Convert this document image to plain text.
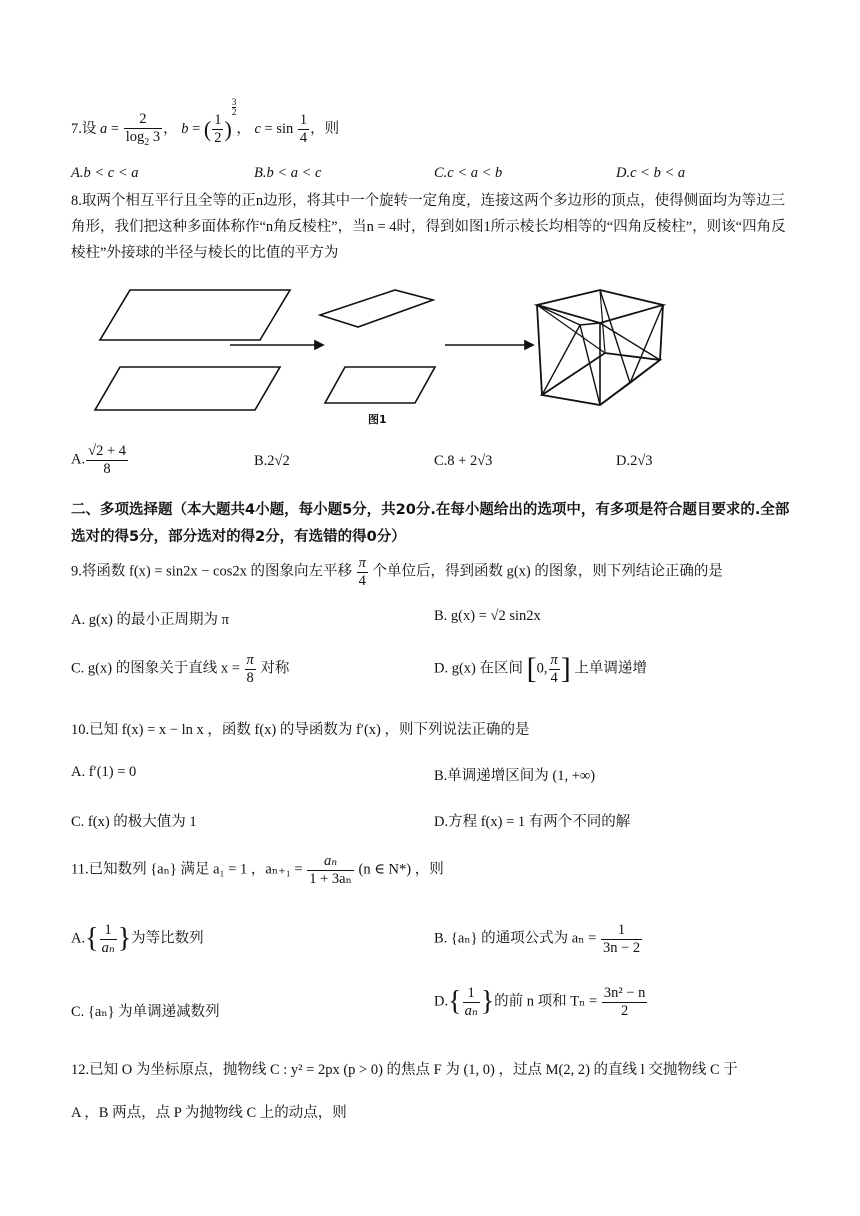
7.设 $a = \frac{2}{\log_2 3}$ ， b = ( $\frac{1}{2}$ )
$^{\frac{3}{2}}$
， $c = \sin \frac{1}{4}$ ，则
A.b < c < a	B.b < a < c	C.c < a < b	D.c < b < a
8.取两个相互平行且全等的正n边形，将其中一个旋转一定角度，连接这两个多边形的顶点，使得侧面均为等边三角形，我们把这种多面体称作“n角反棱柱”，当n = 4时，得到如图1所示棱长均相等的“四角反棱柱”，则该“四角反棱柱”外接球的半径与棱长的比值的平方为
图1
A. $\frac{√2 + 4}{8}$	B.2√2	C.8 + 2√3	D.2√3
二、多项选择题（本大题共4小题，每小题5分，共20分.在每小题给出的选项中，有多项是符合题目要求的.全部选对的得5分，部分选对的得2分，有选错的得0分）
9.将函数 f(x) = sin2x − cos2x 的图象向左平移 $\frac{\pi}{4}$ 个单位后，得到函数 g(x) 的图象，则下列结论正确的是
A. g(x) 的最小正周期为 π	B. g(x) = √2 sin2x
C. g(x) 的图象关于直线 $x = \frac{\pi}{8}$ 对称	D. g(x) 在区间 [0, $\frac{\pi}{4}$ ] 上单调递增
10.已知 f(x) = x − ln x ，函数 f(x) 的导函数为 f′(x) ，则下列说法正确的是
A. f′(1) = 0	B.单调递增区间为 (1, +∞)
C. f(x) 的极大值为 1	D.方程 f(x) = 1 有两个不同的解
11.已知数列 {aₙ} 满足 a₁ = 1 ，$a_{n+1} = \frac{\text{aₙ}}{\text{1 + 3aₙ}} (n$ ∈ N*) ，则
$A.\{ \frac{1}{\text{aₙ}}$ }为等比数列	B. {aₙ} 的通项公式为 $a_n = \frac{1}{3n - 2}$
C. {aₙ} 为单调递减数列
$D.\{ \frac{1}{\text{aₙ}}$ }的前 n 项和 $T_n = \frac{\text{3n² − n}}{2}$
12.已知 O 为坐标原点，抛物线 C : y² = 2px (p > 0) 的焦点 F 为 (1, 0) ，过点 M(2, 2) 的直线 l 交抛物线 C 于
A ，B 两点，点 P 为抛物线 C 上的动点，则
